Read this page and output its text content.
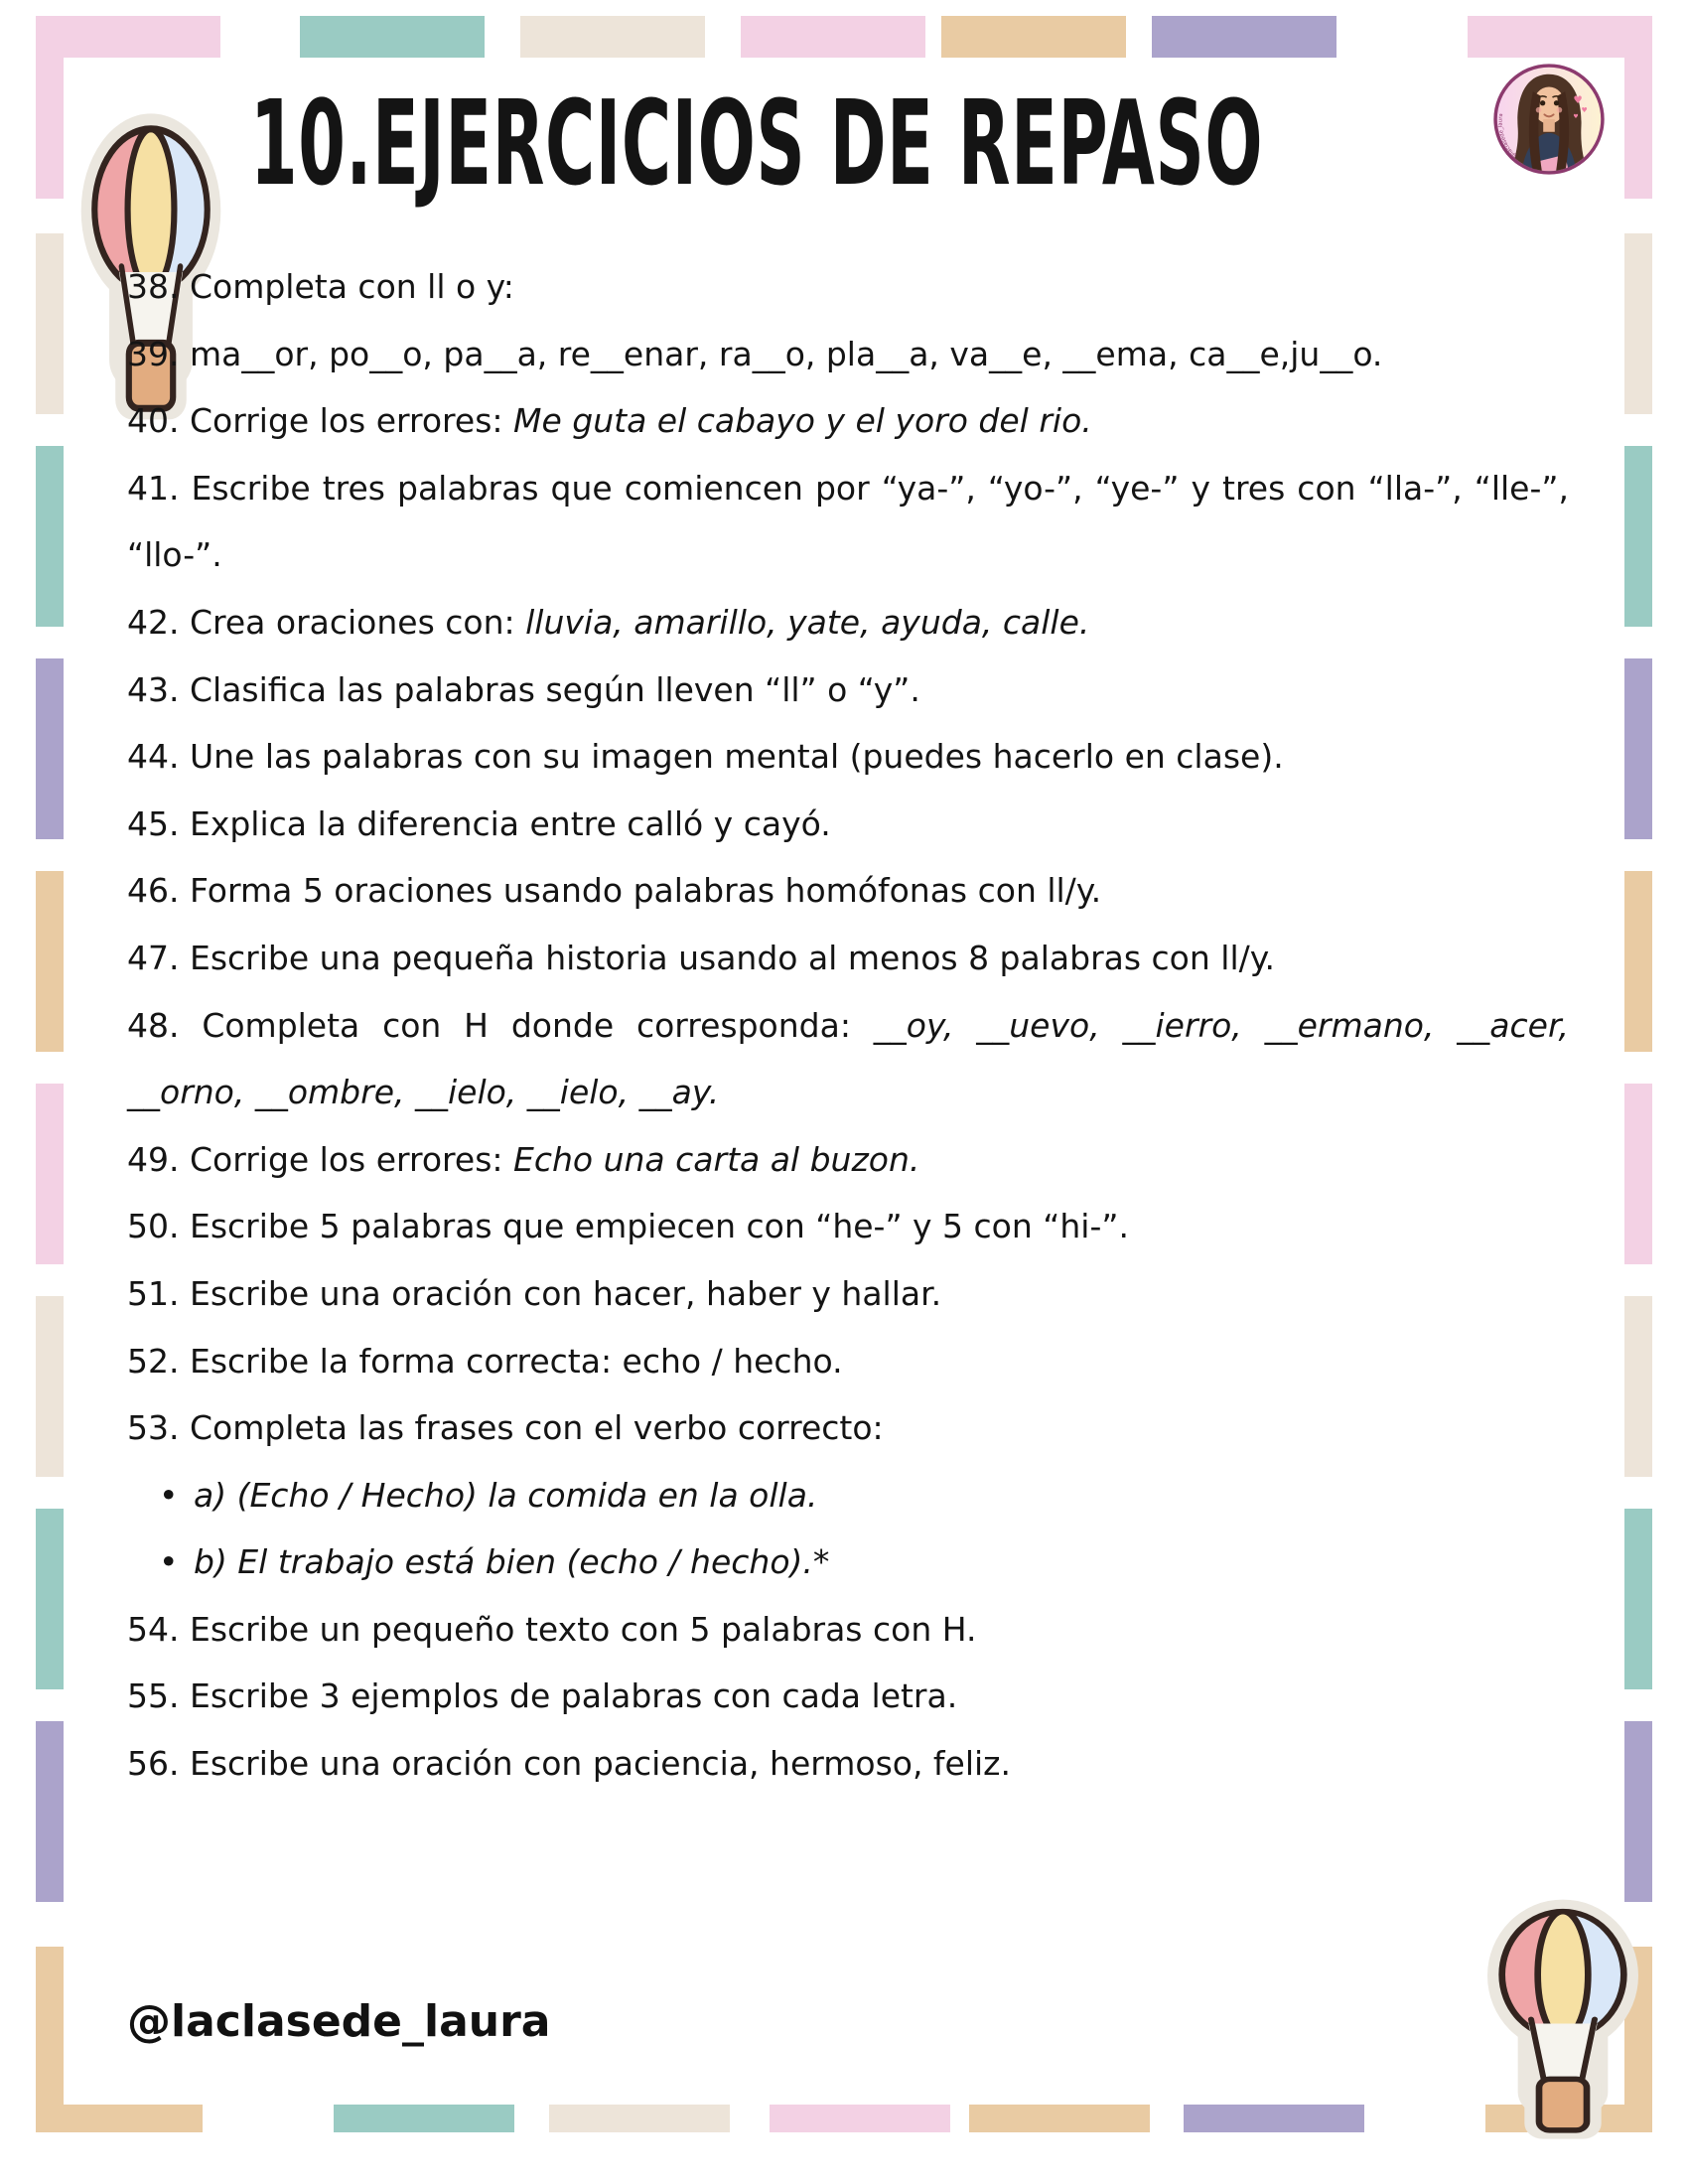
♥
♥
♥
@laclasede_laura
10.EJERCICIOS DE REPASO

38. Completa con ll o y:

39. ma__or, po__o, pa__a, re__enar, ra__o, pla__a, va__e, __ema, ca__e,ju__o.

40. Corrige los errores: Me guta el cabayo y el yoro del rio.

41. Escribe tres palabras que comiencen por “ya-”, “yo-”, “ye-” y tres con “lla-”, “lle-”, “llo-”.

42. Crea oraciones con: lluvia, amarillo, yate, ayuda, calle.

43. Clasifica las palabras según lleven “ll” o “y”.

44. Une las palabras con su imagen mental (puedes hacerlo en clase).

45. Explica la diferencia entre calló y cayó.

46. Forma 5 oraciones usando palabras homófonas con ll/y.

47. Escribe una pequeña historia usando al menos 8 palabras con ll/y.

48. Completa con H donde corresponda: __oy, __uevo, __ierro, __ermano, __acer, __orno, __ombre, __ielo, __ielo, __ay.

49. Corrige los errores: Echo una carta al buzon.

50. Escribe 5 palabras que empiecen con “he-” y 5 con “hi-”.

51. Escribe una oración con hacer, haber y hallar.

52. Escribe la forma correcta: echo / hecho.

53. Completa las frases con el verbo correcto:

• a) (Echo / Hecho) la comida en la olla.

• b) El trabajo está bien (echo / hecho).*

54. Escribe un pequeño texto con 5 palabras con H.

55. Escribe 3 ejemplos de palabras con cada letra.

56. Escribe una oración con paciencia, hermoso, feliz.

@laclasede_laura
